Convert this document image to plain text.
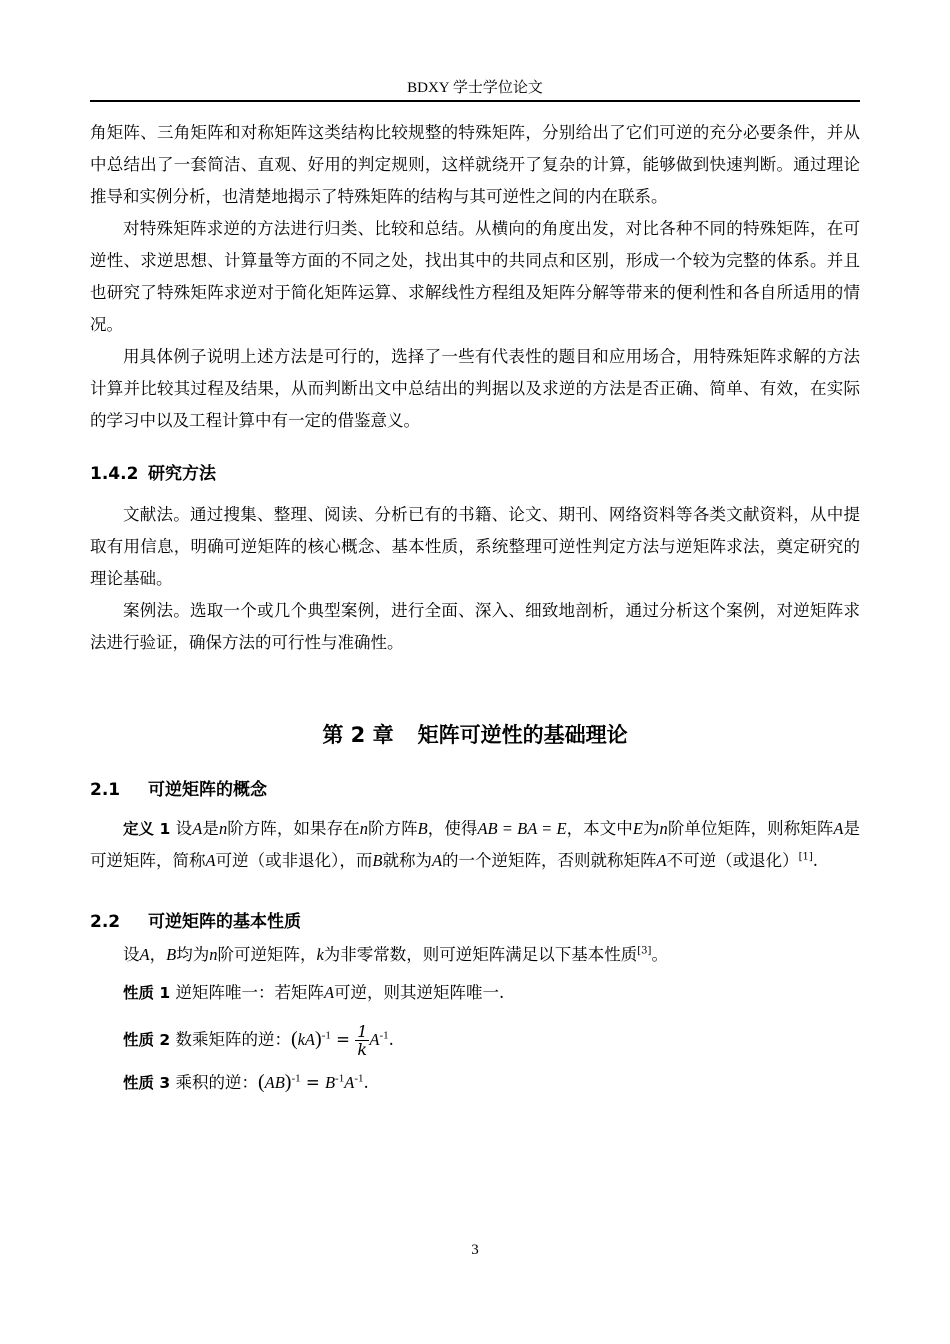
BDXY 学士学位论文

角矩阵、三角矩阵和对称矩阵这类结构比较规整的特殊矩阵，分别给出了它们可逆的充分必要条件，并从中总结出了一套简洁、直观、好用的判定规则，这样就绕开了复杂的计算，能够做到快速判断。通过理论推导和实例分析，也清楚地揭示了特殊矩阵的结构与其可逆性之间的内在联系。

对特殊矩阵求逆的方法进行归类、比较和总结。从横向的角度出发，对比各种不同的特殊矩阵，在可逆性、求逆思想、计算量等方面的不同之处，找出其中的共同点和区别，形成一个较为完整的体系。并且也研究了特殊矩阵求逆对于简化矩阵运算、求解线性方程组及矩阵分解等带来的便利性和各自所适用的情况。

用具体例子说明上述方法是可行的，选择了一些有代表性的题目和应用场合，用特殊矩阵求解的方法计算并比较其过程及结果，从而判断出文中总结出的判据以及求逆的方法是否正确、简单、有效，在实际的学习中以及工程计算中有一定的借鉴意义。

1.4.2 研究方法

文献法。通过搜集、整理、阅读、分析已有的书籍、论文、期刊、网络资料等各类文献资料，从中提取有用信息，明确可逆矩阵的核心概念、基本性质，系统整理可逆性判定方法与逆矩阵求法，奠定研究的理论基础。

案例法。选取一个或几个典型案例，进行全面、深入、细致地剖析，通过分析这个案例，对逆矩阵求法进行验证，确保方法的可行性与准确性。

第 2 章 矩阵可逆性的基础理论
2.1 可逆矩阵的概念

定义 1 设A是n阶方阵，如果存在n阶方阵B，使得AB = BA = E，本文中E为n阶单位矩阵，则称矩阵A是可逆矩阵，简称A可逆（或非退化），而B就称为A的一个逆矩阵，否则就称矩阵A不可逆（或退化）[1].

2.2 可逆矩阵的基本性质

设A，B均为n阶可逆矩阵，k为非零常数，则可逆矩阵满足以下基本性质[3]。

性质 1 逆矩阵唯一：若矩阵A可逆，则其逆矩阵唯一.

性质 2 数乘矩阵的逆：$(kA)^{-1} = \frac{1}{k} A^{-1}$.

性质 3 乘积的逆：$(AB)^{-1} = B^{-1}A^{-1}$.

3
